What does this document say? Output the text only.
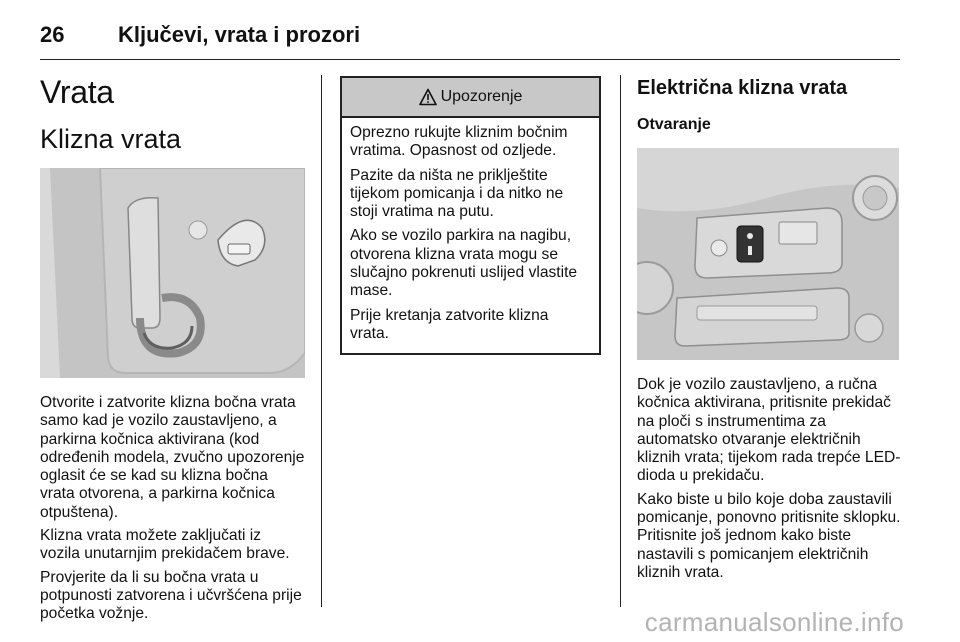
26 Ključevi, vrata i prozori
Vrata
Klizna vrata

Otvorite i zatvorite klizna bočna vrata samo kad je vozilo zaustavljeno, a parkirna kočnica aktivirana (kod određenih modela, zvučno upozorenje oglasit će se kad su klizna bočna vrata otvorena, a parkirna kočnica otpuštena).

Klizna vrata možete zaključati iz vozila unutarnjim prekidačem brave.

Provjerite da li su bočna vrata u potpunosti zatvorena i učvršćena prije početka vožnje.

Upozorenje

Oprezno rukujte kliznim bočnim vratima. Opasnost od ozljede.

Pazite da ništa ne priklještite tijekom pomicanja i da nitko ne stoji vratima na putu.

Ako se vozilo parkira na nagibu, otvorena klizna vrata mogu se slučajno pokrenuti uslijed vlastite mase.

Prije kretanja zatvorite klizna vrata.

Električna klizna vrata
Otvaranje

Dok je vozilo zaustavljeno, a ručna kočnica aktivirana, pritisnite prekidač na ploči s instrumentima za automatsko otvaranje električnih kliznih vrata; tijekom rada trepće LED-dioda u prekidaču.

Kako biste u bilo koje doba zaustavili pomicanje, ponovno pritisnite sklopku. Pritisnite još jednom kako biste nastavili s pomicanjem električnih kliznih vrata.

carmanualsonline.info
